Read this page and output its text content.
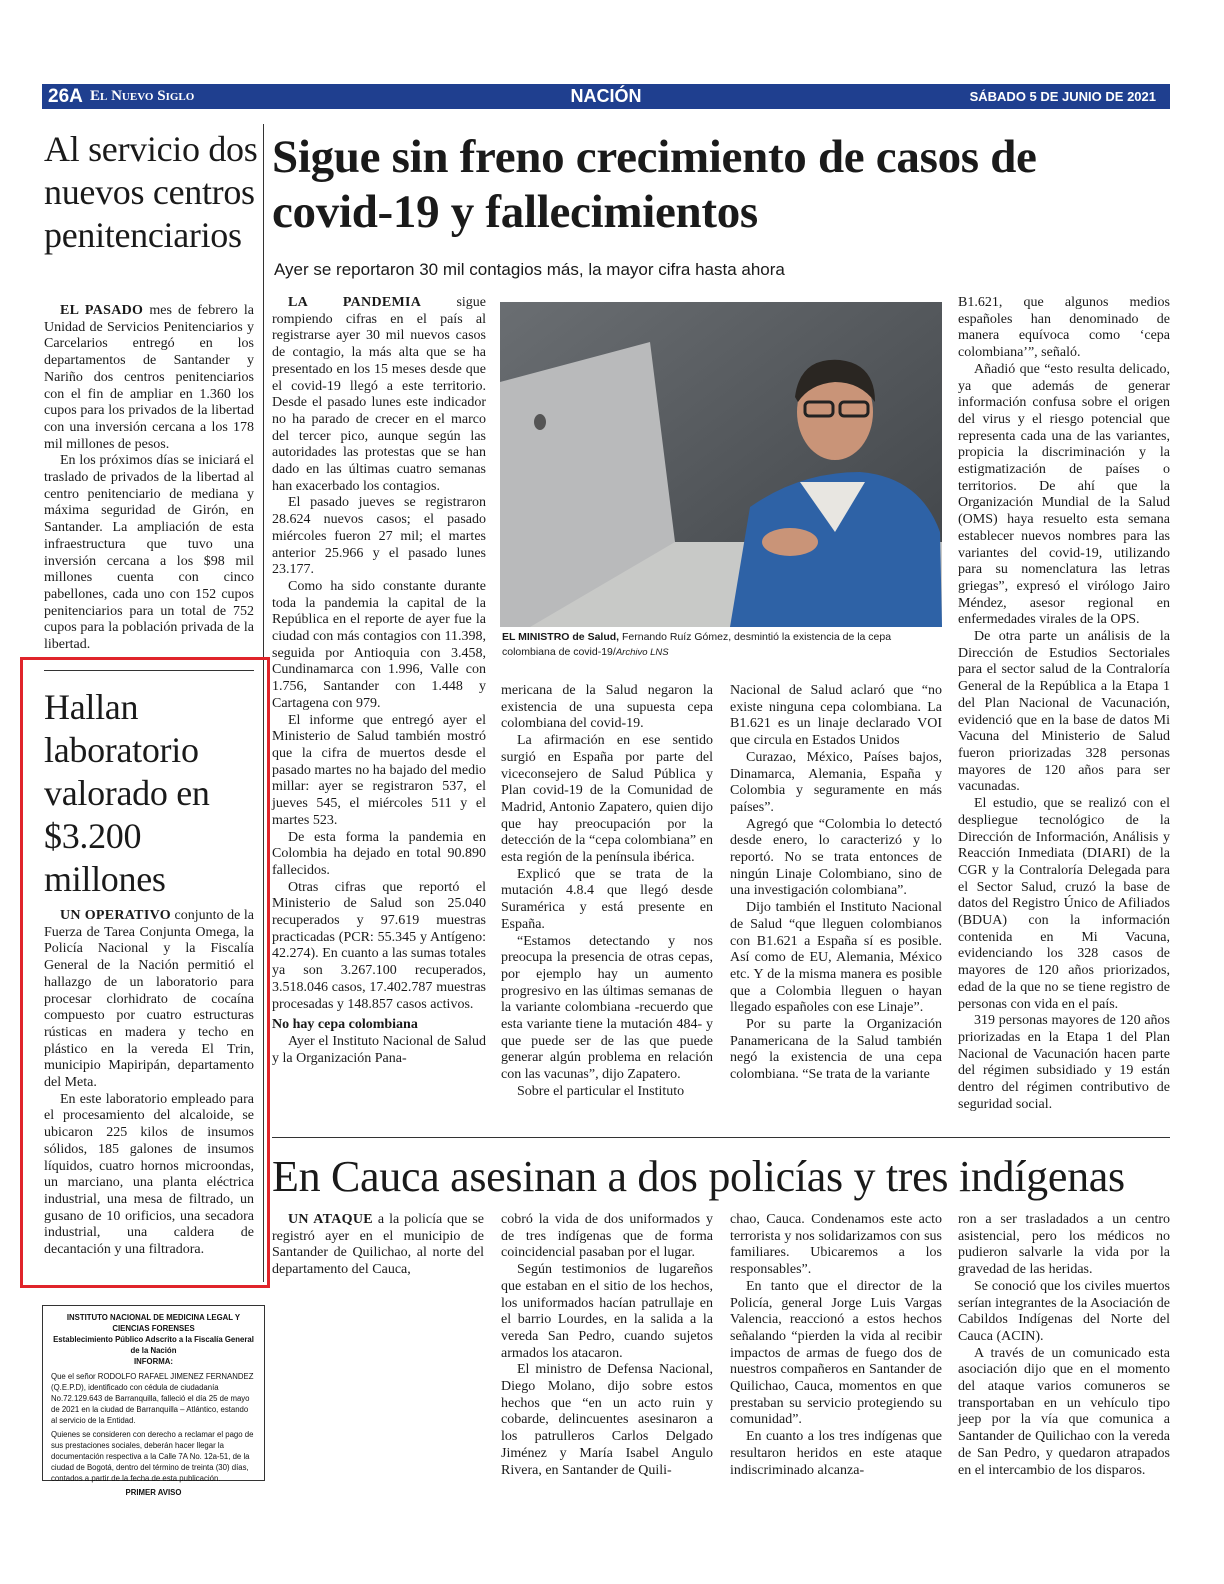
26A El Nuevo Siglo	NACIÓN	SÁBADO 5 DE JUNIO DE 2021
Al servicio dos nuevos centros penitenciarios

EL PASADO mes de febrero la Unidad de Servicios Penitenciarios y Carcelarios entregó en los departamentos de Santander y Nariño dos centros penitenciarios con el fin de ampliar en 1.360 los cupos para los privados de la libertad con una inversión cercana a los 178 mil millones de pesos.

En los próximos días se iniciará el traslado de privados de la libertad al centro penitenciario de mediana y máxima seguridad de Girón, en Santander. La ampliación de esta infraestructura que tuvo una inversión cercana a los $98 mil millones cuenta con cinco pabellones, cada uno con 152 cupos penitenciarios para un total de 752 cupos para la población privada de la libertad.

Hallan laboratorio valorado en $3.200 millones

UN OPERATIVO conjunto de la Fuerza de Tarea Conjunta Omega, la Policía Nacional y la Fiscalía General de la Nación permitió el hallazgo de un laboratorio para procesar clorhidrato de cocaína compuesto por cuatro estructuras rústicas en madera y techo en plástico en la vereda El Trin, municipio Mapiripán, departamento del Meta.

En este laboratorio empleado para el procesamiento del alcaloide, se ubicaron 225 kilos de insumos sólidos, 185 galones de insumos líquidos, cuatro hornos microondas, un marciano, una planta eléctrica industrial, una mesa de filtrado, un gusano de 10 orificios, una secadora industrial, una caldera de decantación y una filtradora.

INSTITUTO NACIONAL DE MEDICINA LEGAL Y CIENCIAS FORENSES
Establecimiento Público Adscrito a la Fiscalía General de la Nación
INFORMA:

Que el señor RODOLFO RAFAEL JIMENEZ FERNANDEZ (Q.E.P.D), identificado con cédula de ciudadanía No.72.129.643 de Barranquilla, falleció el día 25 de mayo de 2021 en la ciudad de Barranquilla – Atlántico, estando al servicio de la Entidad.

Quienes se consideren con derecho a reclamar el pago de sus prestaciones sociales, deberán hacer llegar la documentación respectiva a la Calle 7A No. 12a-51, de la ciudad de Bogotá, dentro del término de treinta (30) días, contados a partir de la fecha de esta publicación.

PRIMER AVISO
Sigue sin freno crecimiento de casos de covid-19 y fallecimientos
Ayer se reportaron 30 mil contagios más, la mayor cifra hasta ahora

LA PANDEMIA sigue rompiendo cifras en el país al registrarse ayer 30 mil nuevos casos de contagio, la más alta que se ha presentado en los 15 meses desde que el covid-19 llegó a este territorio. Desde el pasado lunes este indicador no ha parado de crecer en el marco del tercer pico, aunque según las autoridades las protestas que se han dado en las últimas cuatro semanas han exacerbado los contagios.

El pasado jueves se registraron 28.624 nuevos casos; el pasado miércoles fueron 27 mil; el martes anterior 25.966 y el pasado lunes 23.177.

Como ha sido constante durante toda la pandemia la capital de la República en el reporte de ayer fue la ciudad con más contagios con 11.398, seguida por Antioquia con 3.458, Cundinamarca con 1.996, Valle con 1.756, Santander con 1.448 y Cartagena con 979.

El informe que entregó ayer el Ministerio de Salud también mostró que la cifra de muertos desde el pasado martes no ha bajado del medio millar: ayer se registraron 537, el jueves 545, el miércoles 511 y el martes 523.

De esta forma la pandemia en Colombia ha dejado en total 90.890 fallecidos.

Otras cifras que reportó el Ministerio de Salud son 25.040 recuperados y 97.619 muestras practicadas (PCR: 55.345 y Antígeno: 42.274). En cuanto a las sumas totales ya son 3.267.100 recuperados, 3.518.046 casos, 17.402.787 muestras procesadas y 148.857 casos activos.

No hay cepa colombiana

Ayer el Instituto Nacional de Salud y la Organización Pana-

EL MINISTRO de Salud, Fernando Ruíz Gómez, desmintió la existencia de la cepa colombiana de covid-19/Archivo LNS

mericana de la Salud negaron la existencia de una supuesta cepa colombiana del covid-19.

La afirmación en ese sentido surgió en España por parte del viceconsejero de Salud Pública y Plan covid-19 de la Comunidad de Madrid, Antonio Zapatero, quien dijo que hay preocupación por la detección de la “cepa colombiana” en esta región de la península ibérica.

Explicó que se trata de la mutación 4.8.4 que llegó desde Suramérica y está presente en España.

“Estamos detectando y nos preocupa la presencia de otras cepas, por ejemplo hay un aumento progresivo en las últimas semanas de la variante colombiana -recuerdo que esta variante tiene la mutación 484- y que puede ser de las que puede generar algún problema en relación con las vacunas”, dijo Zapatero.

Sobre el particular el Instituto

Nacional de Salud aclaró que “no existe ninguna cepa colombiana. La B1.621 es un linaje declarado VOI que circula en Estados Unidos

Curazao, México, Países bajos, Dinamarca, Alemania, España y Colombia y seguramente en más países”.

Agregó que “Colombia lo detectó desde enero, lo caracterizó y lo reportó. No se trata entonces de ningún Linaje Colombiano, sino de una investigación colombiana”.

Dijo también el Instituto Nacional de Salud “que lleguen colombianos con B1.621 a España sí es posible. Así como de EU, Alemania, México etc. Y de la misma manera es posible que a Colombia lleguen o hayan llegado españoles con ese Linaje”.

Por su parte la Organización Panamericana de la Salud también negó la existencia de una cepa colombiana. “Se trata de la variante

B1.621, que algunos medios españoles han denominado de manera equívoca como ‘cepa colombiana’”, señaló.

Añadió que “esto resulta delicado, ya que además de generar información confusa sobre el origen del virus y el riesgo potencial que representa cada una de las variantes, propicia la discriminación y la estigmatización de países o territorios. De ahí que la Organización Mundial de la Salud (OMS) haya resuelto esta semana establecer nuevos nombres para las variantes del covid-19, utilizando para su nomenclatura las letras griegas”, expresó el virólogo Jairo Méndez, asesor regional en enfermedades virales de la OPS.

De otra parte un análisis de la Dirección de Estudios Sectoriales para el sector salud de la Contraloría General de la República a la Etapa 1 del Plan Nacional de Vacunación, evidenció que en la base de datos Mi Vacuna del Ministerio de Salud fueron priorizadas 328 personas mayores de 120 años para ser vacunadas.

El estudio, que se realizó con el despliegue tecnológico de la Dirección de Información, Análisis y Reacción Inmediata (DIARI) de la CGR y la Contraloría Delegada para el Sector Salud, cruzó la base de datos del Registro Único de Afiliados (BDUA) con la información contenida en Mi Vacuna, evidenciando los 328 casos de mayores de 120 años priorizados, edad de la que no se tiene registro de personas con vida en el país.

319 personas mayores de 120 años priorizadas en la Etapa 1 del Plan Nacional de Vacunación hacen parte del régimen subsidiado y 19 están dentro del régimen contributivo de seguridad social.

En Cauca asesinan a dos policías y tres indígenas

UN ATAQUE a la policía que se registró ayer en el municipio de Santander de Quilichao, al norte del departamento del Cauca,

cobró la vida de dos uniformados y de tres indígenas que de forma coincidencial pasaban por el lugar.

Según testimonios de lugareños que estaban en el sitio de los hechos, los uniformados hacían patrullaje en el barrio Lourdes, en la salida a la vereda San Pedro, cuando sujetos armados los atacaron.

El ministro de Defensa Nacional, Diego Molano, dijo sobre estos hechos que “en un acto ruin y cobarde, delincuentes asesinaron a los patrulleros Carlos Delgado Jiménez y María Isabel Angulo Rivera, en Santander de Quili-

chao, Cauca. Condenamos este acto terrorista y nos solidarizamos con sus familiares. Ubicaremos a los responsables”.

En tanto que el director de la Policía, general Jorge Luis Vargas Valencia, reaccionó a estos hechos señalando “pierden la vida al recibir impactos de armas de fuego dos de nuestros compañeros en Santander de Quilichao, Cauca, momentos en que prestaban su servicio protegiendo su comunidad”.

En cuanto a los tres indígenas que resultaron heridos en este ataque indiscriminado alcanza-

ron a ser trasladados a un centro asistencial, pero los médicos no pudieron salvarle la vida por la gravedad de las heridas.

Se conoció que los civiles muertos serían integrantes de la Asociación de Cabildos Indígenas del Norte del Cauca (ACIN).

A través de un comunicado esta asociación dijo que en el momento del ataque varios comuneros se transportaban en un vehículo tipo jeep por la vía que comunica a Santander de Quilichao con la vereda de San Pedro, y quedaron atrapados en el intercambio de los disparos.
